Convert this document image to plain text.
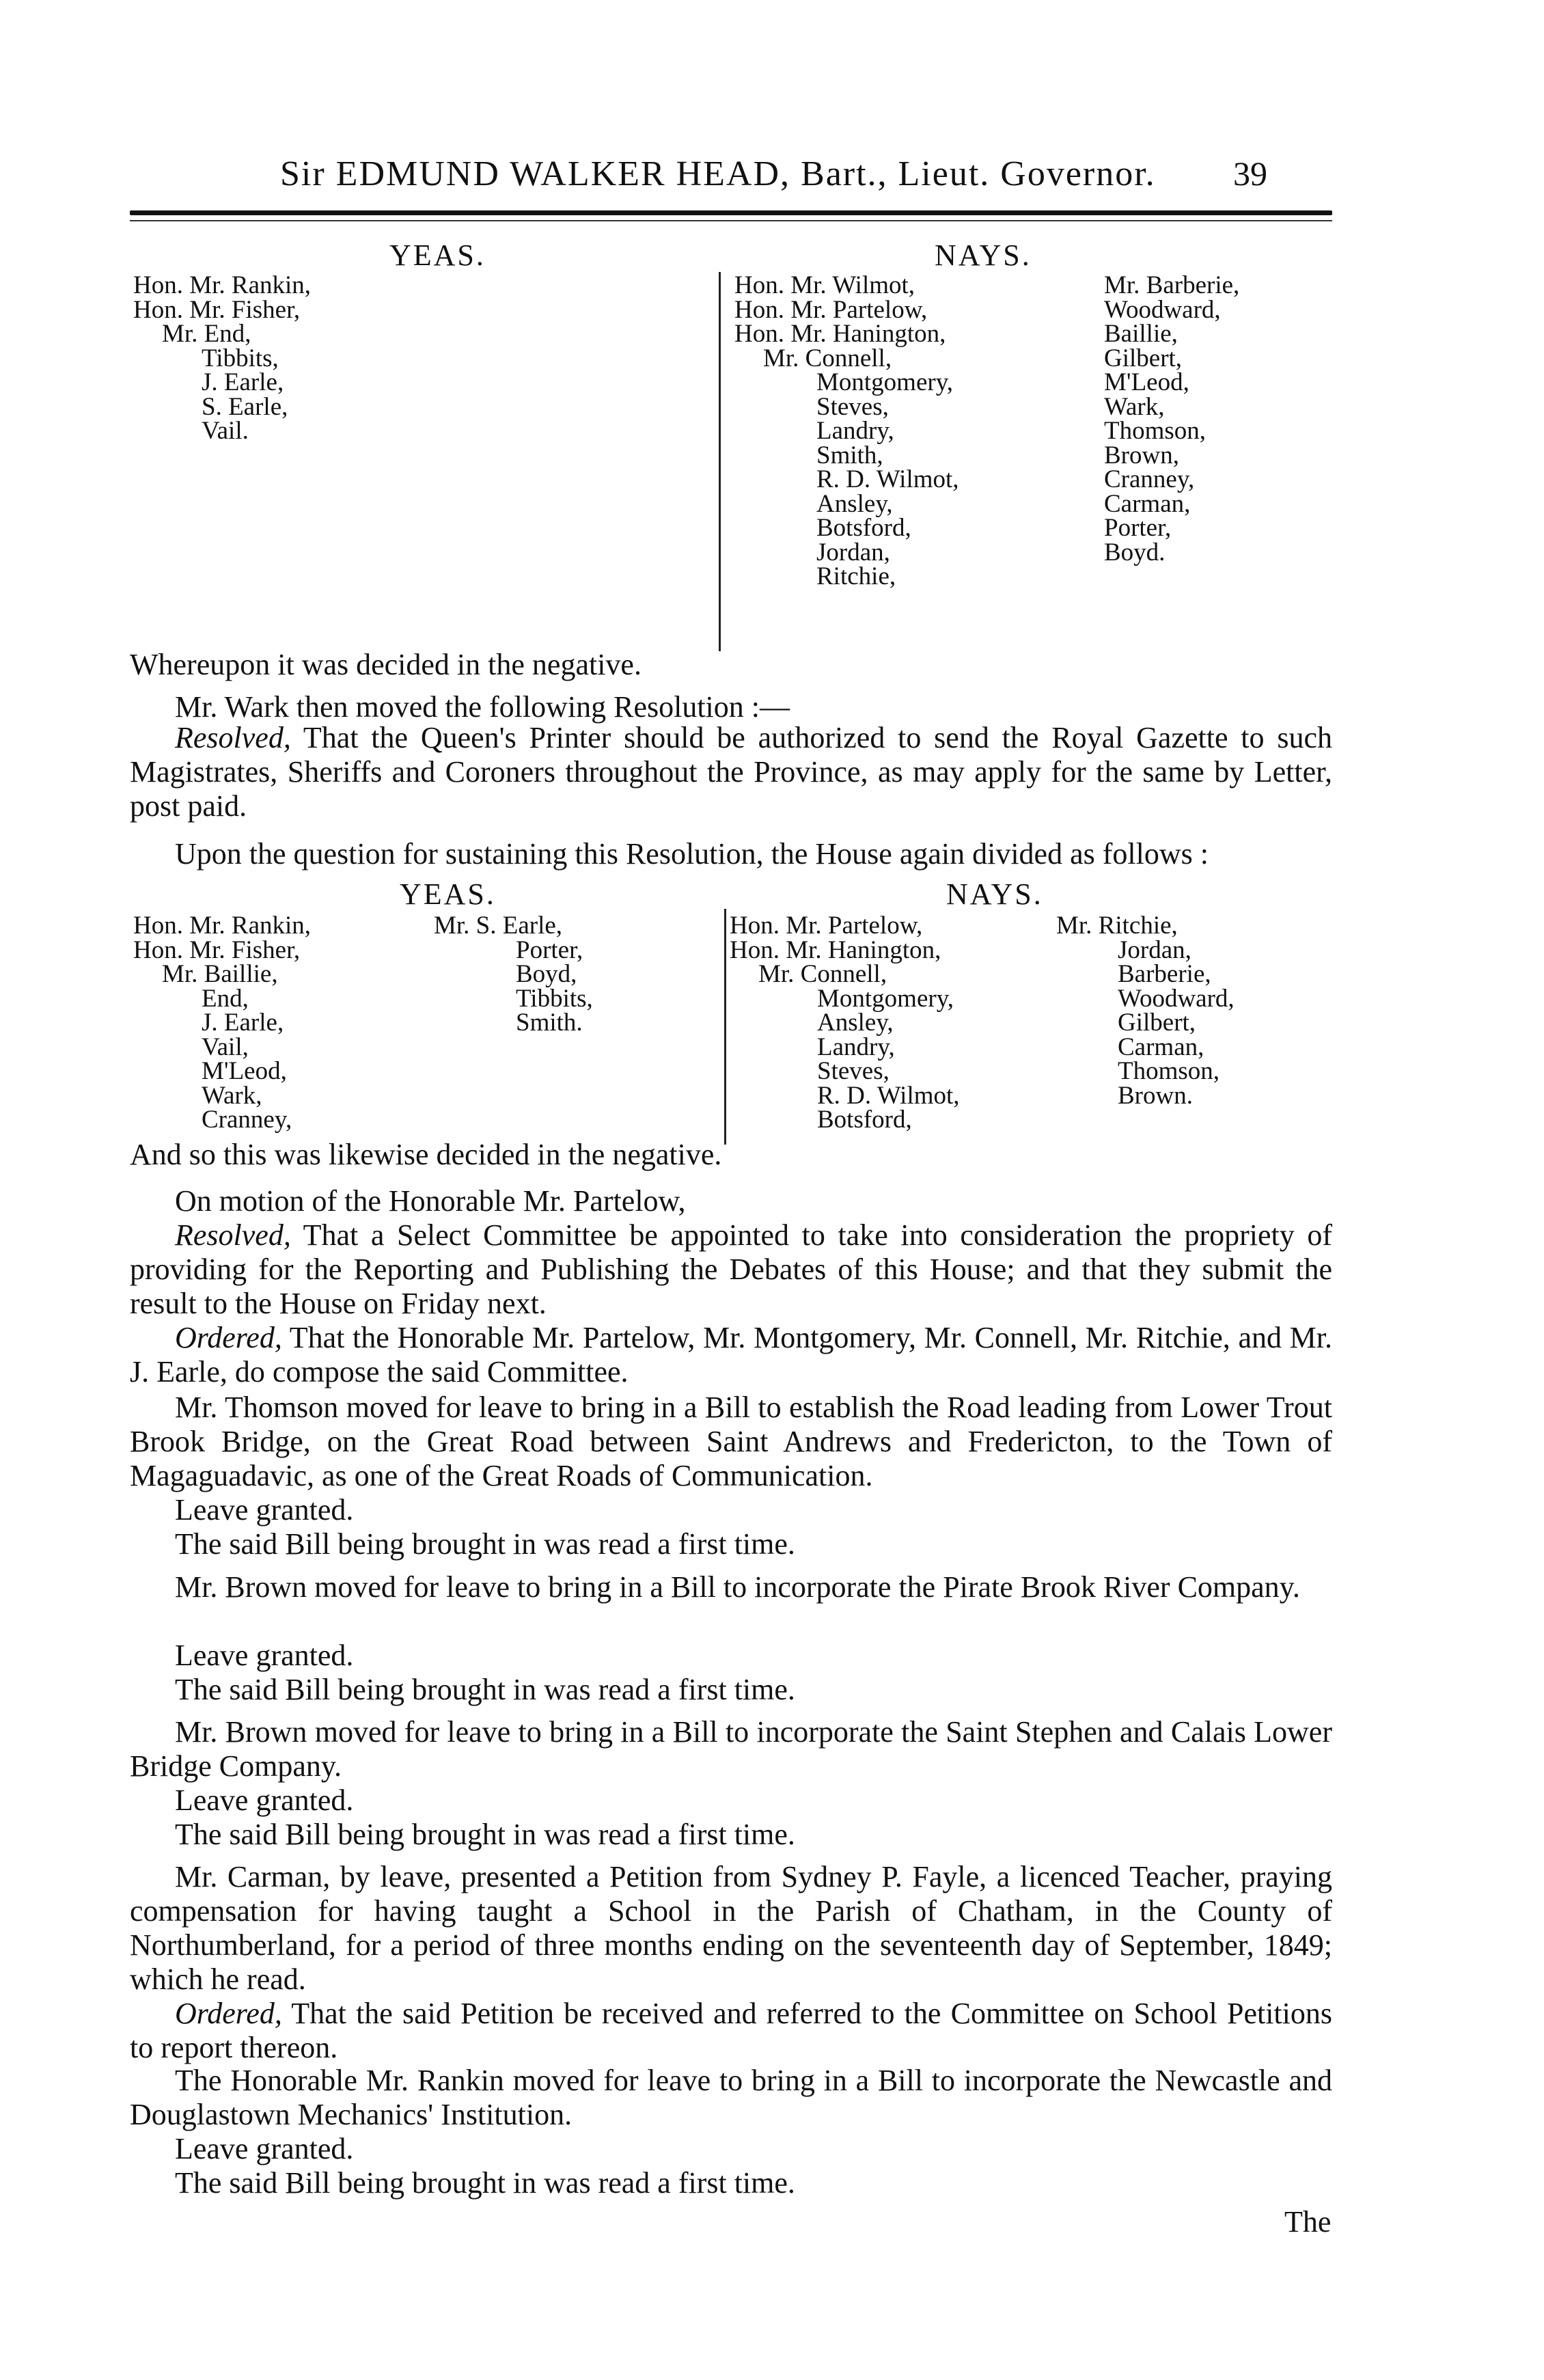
Sir EDMUND WALKER HEAD, Bart., Lieut. Governor. 39
YEAS.	NAYS.
Hon. Mr. Rankin,
Hon. Mr. Fisher,
Mr. End,
Tibbits,
J. Earle,
S. Earle,
Vail.
Hon. Mr. Wilmot,
Hon. Mr. Partelow,
Hon. Mr. Hanington,
Mr. Connell,
Montgomery,
Steves,
Landry,
Smith,
R. D. Wilmot,
Ansley,
Botsford,
Jordan,
Ritchie,
Mr. Barberie,
Woodward,
Baillie,
Gilbert,
M'Leod,
Wark,
Thomson,
Brown,
Cranney,
Carman,
Porter,
Boyd.

Whereupon it was decided in the negative.

Mr. Wark then moved the following Resolution :—

Resolved, That the Queen's Printer should be authorized to send the Royal Gazette to such Magistrates, Sheriffs and Coroners throughout the Province, as may apply for the same by Letter, post paid.

Upon the question for sustaining this Resolution, the House again divided as follows :

YEAS.	NAYS.
Hon. Mr. Rankin,
Hon. Mr. Fisher,
Mr. Baillie,
End,
J. Earle,
Vail,
M'Leod,
Wark,
Cranney,
Mr. S. Earle,
Porter,
Boyd,
Tibbits,
Smith.
Hon. Mr. Partelow,
Hon. Mr. Hanington,
Mr. Connell,
Montgomery,
Ansley,
Landry,
Steves,
R. D. Wilmot,
Botsford,
Mr. Ritchie,
Jordan,
Barberie,
Woodward,
Gilbert,
Carman,
Thomson,
Brown.

And so this was likewise decided in the negative.

On motion of the Honorable Mr. Partelow,

Resolved, That a Select Committee be appointed to take into consideration the propriety of providing for the Reporting and Publishing the Debates of this House; and that they submit the result to the House on Friday next.

Ordered, That the Honorable Mr. Partelow, Mr. Montgomery, Mr. Connell, Mr. Ritchie, and Mr. J. Earle, do compose the said Committee.

Mr. Thomson moved for leave to bring in a Bill to establish the Road leading from Lower Trout Brook Bridge, on the Great Road between Saint Andrews and Fredericton, to the Town of Magaguadavic, as one of the Great Roads of Communication.

Leave granted.

The said Bill being brought in was read a first time.

Mr. Brown moved for leave to bring in a Bill to incorporate the Pirate Brook River Company.

Leave granted.

The said Bill being brought in was read a first time.

Mr. Brown moved for leave to bring in a Bill to incorporate the Saint Stephen and Calais Lower Bridge Company.

Leave granted.

The said Bill being brought in was read a first time.

Mr. Carman, by leave, presented a Petition from Sydney P. Fayle, a licenced Teacher, praying compensation for having taught a School in the Parish of Chatham, in the County of Northumberland, for a period of three months ending on the seventeenth day of September, 1849; which he read.

Ordered, That the said Petition be received and referred to the Committee on School Petitions to report thereon.

The Honorable Mr. Rankin moved for leave to bring in a Bill to incorporate the Newcastle and Douglastown Mechanics' Institution.

Leave granted.

The said Bill being brought in was read a first time.

The
